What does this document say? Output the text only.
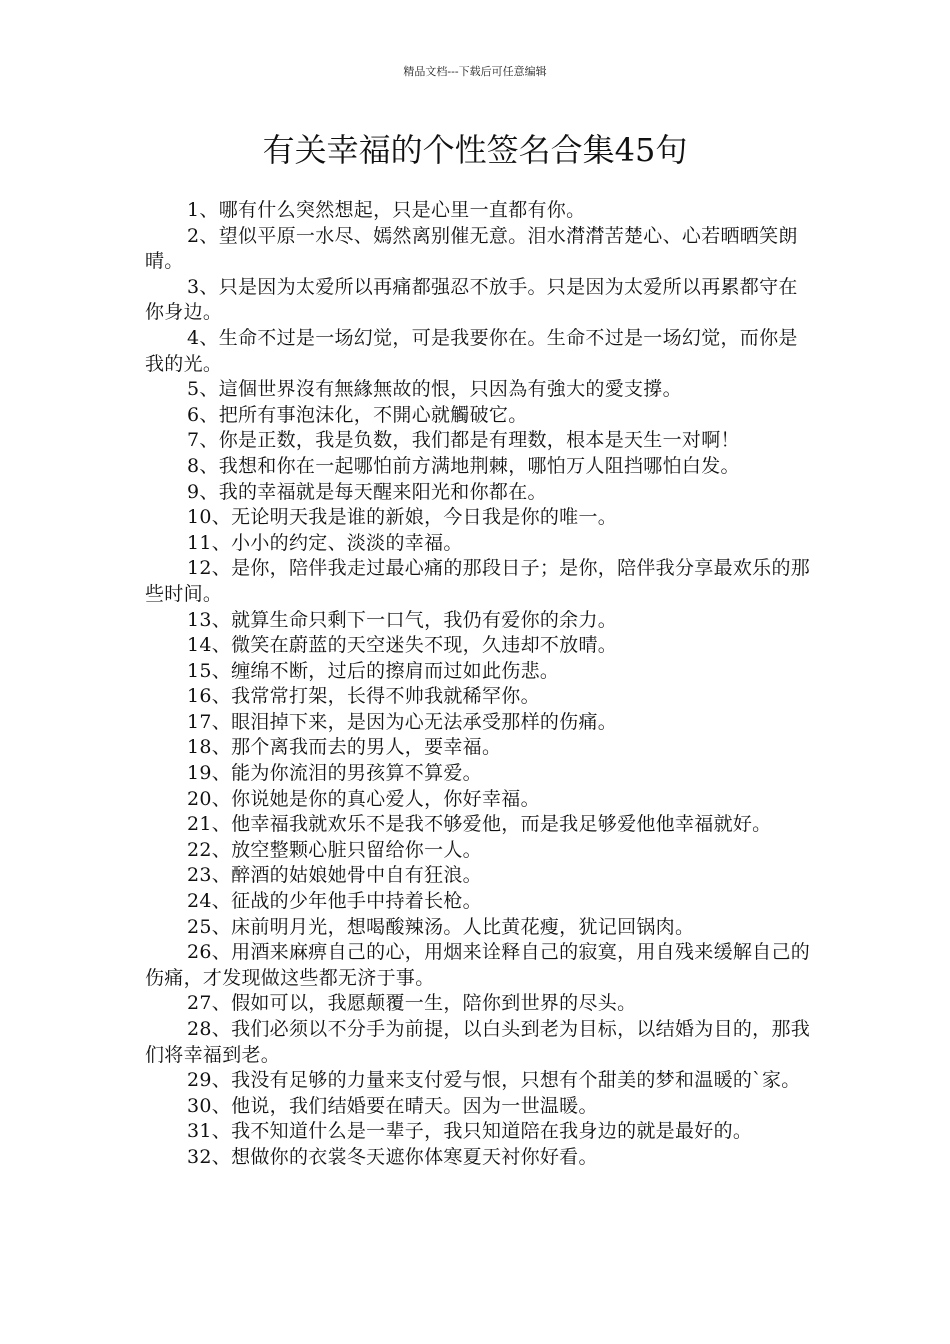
精品文档---下载后可任意编辑
有关幸福的个性签名合集45句

1、哪有什么突然想起，只是心里一直都有你。

2、望似平原一水尽、嫣然离别催无意。泪水潸潸苦楚心、心若晒晒笑朗晴。

3、只是因为太爱所以再痛都强忍不放手。只是因为太爱所以再累都守在你身边。

4、生命不过是一场幻觉，可是我要你在。生命不过是一场幻觉，而你是我的光。

5、這個世界沒有無緣無故的恨，只因為有強大的愛支撐。

6、把所有事泡沫化，不開心就觸破它。

7、你是正数，我是负数，我们都是有理数，根本是天生一对啊！

8、我想和你在一起哪怕前方满地荆棘，哪怕万人阻挡哪怕白发。

9、我的幸福就是每天醒来阳光和你都在。

10、无论明天我是谁的新娘，今日我是你的唯一。

11、小小的约定、淡淡的幸福。

12、是你，陪伴我走过最心痛的那段日子；是你，陪伴我分享最欢乐的那些时间。

13、就算生命只剩下一口气，我仍有爱你的余力。

14、微笑在蔚蓝的天空迷失不现，久违却不放晴。

15、缠绵不断，过后的擦肩而过如此伤悲。

16、我常常打架，长得不帅我就稀罕你。

17、眼泪掉下来，是因为心无法承受那样的伤痛。

18、那个离我而去的男人，要幸福。

19、能为你流泪的男孩算不算爱。

20、你说她是你的真心爱人，你好幸福。

21、他幸福我就欢乐不是我不够爱他，而是我足够爱他他幸福就好。

22、放空整颗心脏只留给你一人。

23、醉酒的姑娘她骨中自有狂浪。

24、征战的少年他手中持着长枪。

25、床前明月光，想喝酸辣汤。人比黄花瘦，犹记回锅肉。

26、用酒来麻痹自己的心，用烟来诠释自己的寂寞，用自残来缓解自己的伤痛，才发现做这些都无济于事。

27、假如可以，我愿颠覆一生，陪你到世界的尽头。

28、我们必须以不分手为前提，以白头到老为目标，以结婚为目的，那我们将幸福到老。

29、我没有足够的力量来支付爱与恨，只想有个甜美的梦和温暖的`家。

30、他说，我们结婚要在晴天。因为一世温暖。

31、我不知道什么是一辈子，我只知道陪在我身边的就是最好的。

32、想做你的衣裳冬天遮你体寒夏天衬你好看。
